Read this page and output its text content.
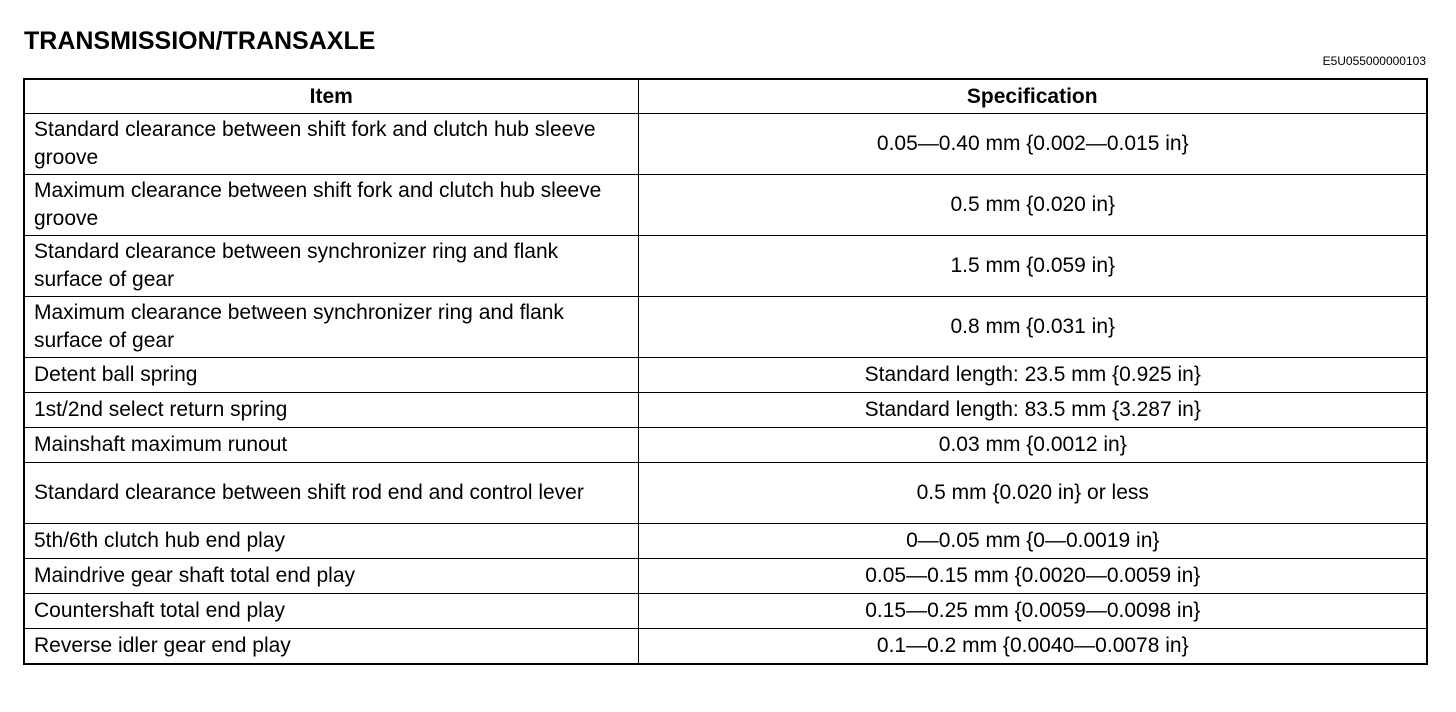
TRANSMISSION/TRANSAXLE
E5U055000000103
Item	Specification
Standard clearance between shift fork and clutch hub sleeve groove	0.05—0.40 mm {0.002—0.015 in}
Maximum clearance between shift fork and clutch hub sleeve groove	0.5 mm {0.020 in}
Standard clearance between synchronizer ring and flank surface of gear	1.5 mm {0.059 in}
Maximum clearance between synchronizer ring and flank surface of gear	0.8 mm {0.031 in}
Detent ball spring	Standard length: 23.5 mm {0.925 in}
1st/2nd select return spring	Standard length: 83.5 mm {3.287 in}
Mainshaft maximum runout	0.03 mm {0.0012 in}
Standard clearance between shift rod end and control lever	0.5 mm {0.020 in} or less
5th/6th clutch hub end play	0—0.05 mm {0—0.0019 in}
Maindrive gear shaft total end play	0.05—0.15 mm {0.0020—0.0059 in}
Countershaft total end play	0.15—0.25 mm {0.0059—0.0098 in}
Reverse idler gear end play	0.1—0.2 mm {0.0040—0.0078 in}
